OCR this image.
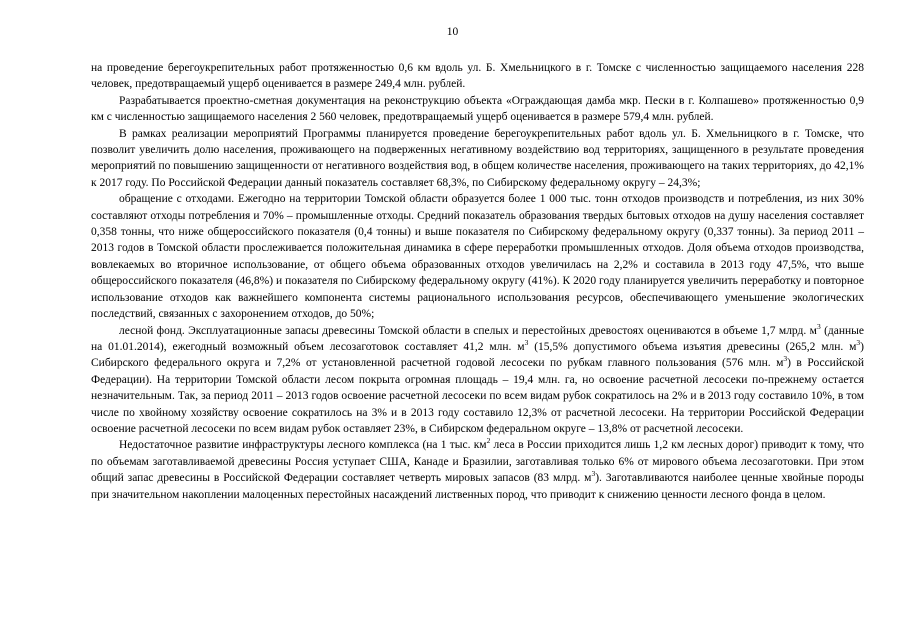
10

на проведение берегоукрепительных работ протяженностью 0,6 км вдоль ул. Б. Хмельницкого в г. Томске с численностью защищаемого населения 228 человек, предотвращаемый ущерб оценивается в размере 249,4 млн. рублей.

Разрабатывается проектно-сметная документация на реконструкцию объекта «Ограждающая дамба мкр. Пески в г. Колпашево» протяженностью 0,9 км с численностью защищаемого населения 2 560 человек, предотвращаемый ущерб оценивается в размере 579,4 млн. рублей.

В рамках реализации мероприятий Программы планируется проведение берегоукрепительных работ вдоль ул. Б. Хмельницкого в г. Томске, что позволит увеличить долю населения, проживающего на подверженных негативному воздействию вод территориях, защищенного в результате проведения мероприятий по повышению защищенности от негативного воздействия вод, в общем количестве населения, проживающего на таких территориях, до 42,1% к 2017 году. По Российской Федерации данный показатель составляет 68,3%, по Сибирскому федеральному округу – 24,3%;

обращение с отходами. Ежегодно на территории Томской области образуется более 1 000 тыс. тонн отходов производств и потребления, из них 30% составляют отходы потребления и 70% – промышленные отходы. Средний показатель образования твердых бытовых отходов на душу населения составляет 0,358 тонны, что ниже общероссийского показателя (0,4 тонны) и выше показателя по Сибирскому федеральному округу (0,337 тонны). За период 2011 – 2013 годов в Томской области прослеживается положительная динамика в сфере переработки промышленных отходов. Доля объема отходов производства, вовлекаемых во вторичное использование, от общего объема образованных отходов увеличилась на 2,2% и составила в 2013 году 47,5%, что выше общероссийского показателя (46,8%) и показателя по Сибирскому федеральному округу (41%). К 2020 году планируется увеличить переработку и повторное использование отходов как важнейшего компонента системы рационального использования ресурсов, обеспечивающего уменьшение экологических последствий, связанных с захоронением отходов, до 50%;

лесной фонд. Эксплуатационные запасы древесины Томской области в спелых и перестойных древостоях оцениваются в объеме 1,7 млрд. $м^3$ (данные на 01.01.2014), ежегодный возможный объем лесозаготовок составляет 41,2 млн. $м^3$ (15,5% допустимого объема изъятия древесины (265,2 млн. $м^3$) Сибирского федерального округа и 7,2% от установленной расчетной годовой лесосеки по рубкам главного пользования (576 млн. $м^3$) в Российской Федерации). На территории Томской области лесом покрыта огромная площадь – 19,4 млн. га, но освоение расчетной лесосеки по-прежнему остается незначительным. Так, за период 2011 – 2013 годов освоение расчетной лесосеки по всем видам рубок сократилось на 2% и в 2013 году составило 10%, в том числе по хвойному хозяйству освоение сократилось на 3% и в 2013 году составило 12,3% от расчетной лесосеки. На территории Российской Федерации освоение расчетной лесосеки по всем видам рубок оставляет 23%, в Сибирском федеральном округе – 13,8% от расчетной лесосеки.

Недостаточное развитие инфраструктуры лесного комплекса (на 1 тыс. $км^2$ леса в России приходится лишь 1,2 км лесных дорог) приводит к тому, что по объемам заготавливаемой древесины Россия уступает США, Канаде и Бразилии, заготавливая только 6% от мирового объема лесозаготовки. При этом общий запас древесины в Российской Федерации составляет четверть мировых запасов (83 млрд. $м^3$). Заготавливаются наиболее ценные хвойные породы при значительном накоплении малоценных перестойных насаждений лиственных пород, что приводит к снижению ценности лесного фонда в целом.
